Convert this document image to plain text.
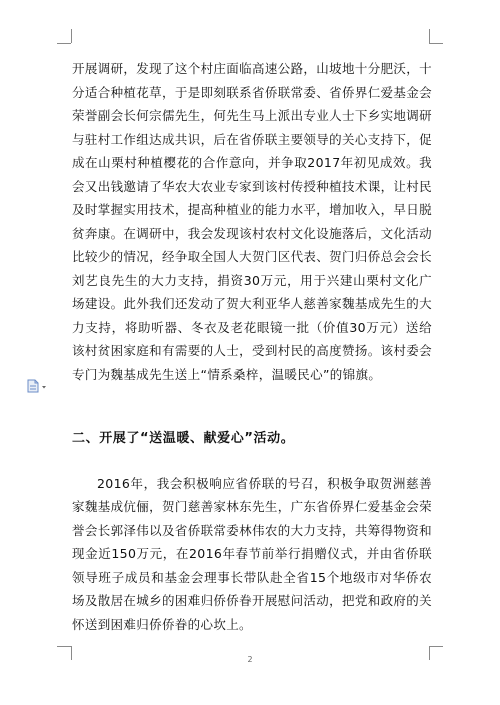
开展调研，发现了这个村庄面临高速公路，山坡地十分肥沃，十分适合种植花草，于是即刻联系省侨联常委、省侨界仁爱基金会荣誉副会长何宗儒先生，何先生马上派出专业人士下乡实地调研与驻村工作组达成共识，后在省侨联主要领导的关心支持下，促成在山栗村种植樱花的合作意向，并争取2017年初见成效。我会又出钱邀请了华农大农业专家到该村传授种植技术课，让村民及时掌握实用技术，提高种植业的能力水平，增加收入，早日脱贫奔康。在调研中，我会发现该村农村文化设施落后，文化活动比较少的情况，经争取全国人大贺门区代表、贺门归侨总会会长刘艺良先生的大力支持，捐资30万元，用于兴建山栗村文化广场建设。此外我们还发动了贺大利亚华人慈善家魏基成先生的大力支持，将助听器、冬衣及老花眼镜一批（价值30万元）送给该村贫困家庭和有需要的人士，受到村民的高度赞扬。该村委会专门为魏基成先生送上“情系桑梓，温暖民心”的锦旗。

二、开展了“送温暖、献爱心”活动。

2016年，我会积极响应省侨联的号召，积极争取贺洲慈善家魏基成伉俪，贺门慈善家林东先生，广东省侨界仁爱基金会荣誉会长郭泽伟以及省侨联常委林伟农的大力支持，共筹得物资和现金近150万元，在2016年春节前举行捐赠仪式，并由省侨联领导班子成员和基金会理事长带队赴全省15个地级市对华侨农场及散居在城乡的困难归侨侨眷开展慰问活动，把党和政府的关怀送到困难归侨侨眷的心坎上。

2
